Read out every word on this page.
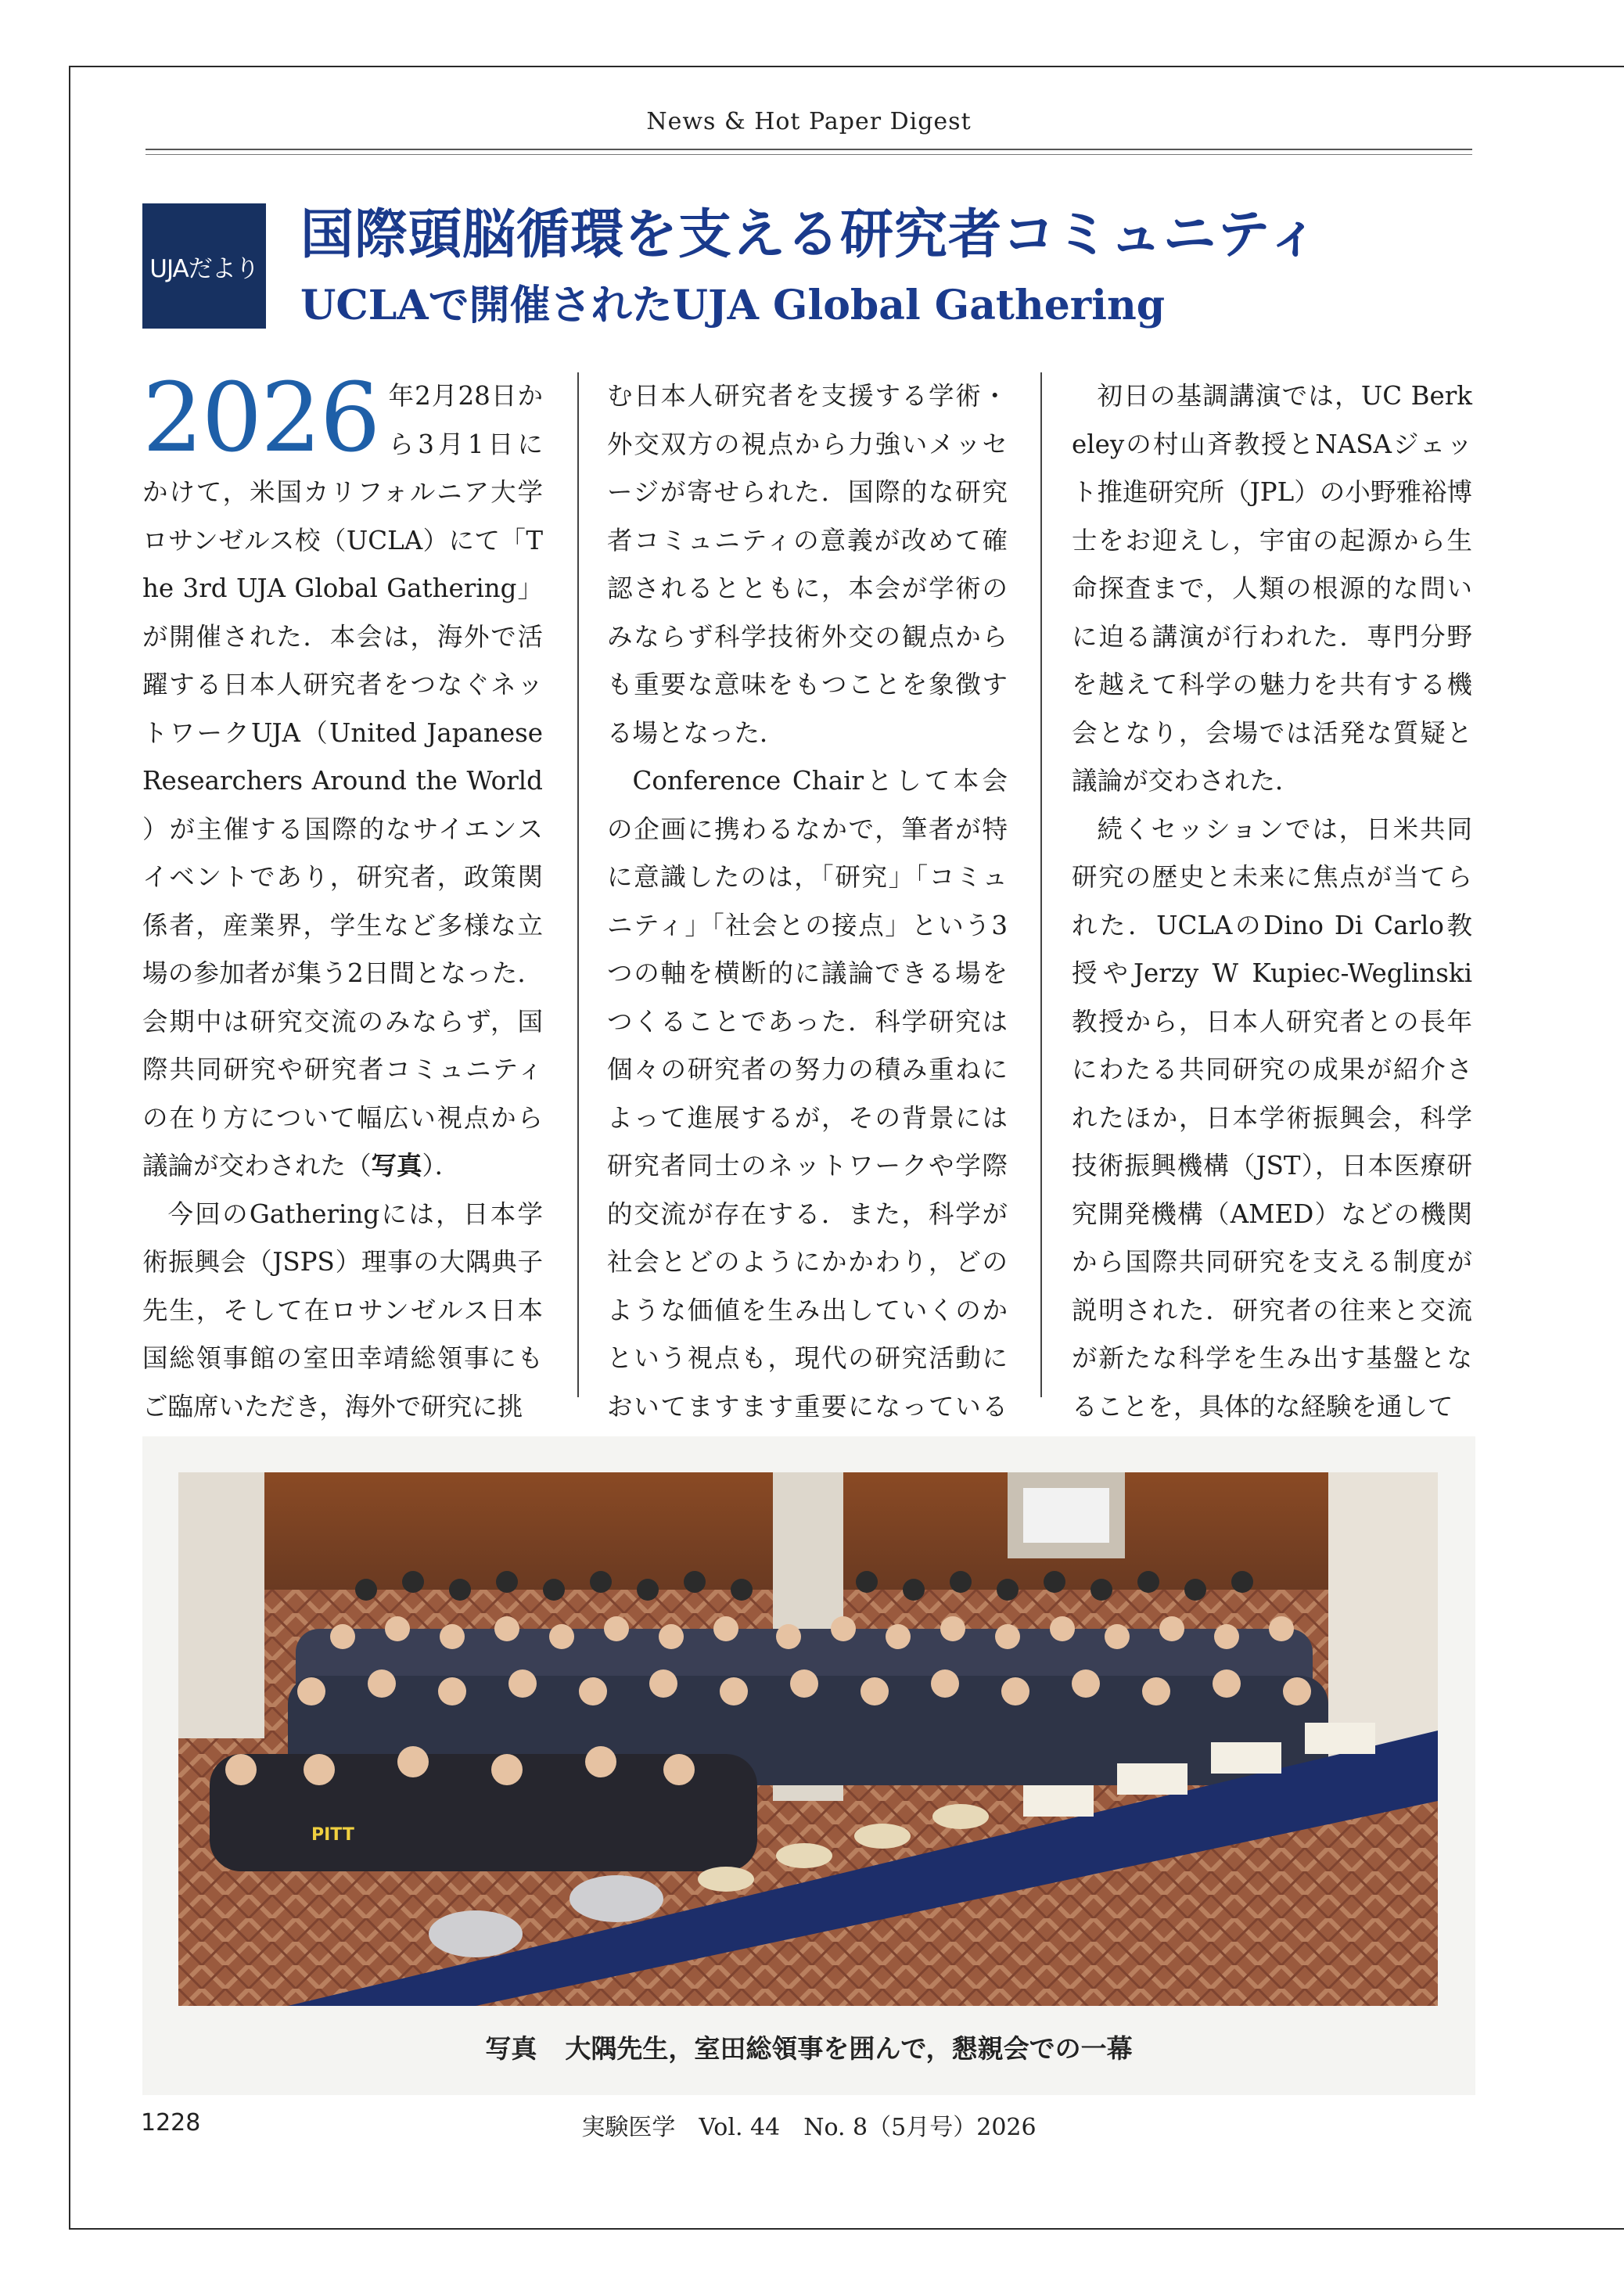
News & Hot Paper Digest
UJAだより
国際頭脳循環を支える研究者コミュニティ
UCLAで開催されたUJA Global Gathering

2026 年2月28日から3月1日にかけて，米国カリフォルニア大学ロサンゼルス校（UCLA）にて「The 3rd UJA Global Gathering」が開催された．本会は，海外で活躍する日本人研究者をつなぐネットワークUJA（United Japanese Researchers Around the World）が主催する国際的なサイエンスイベントであり，研究者，政策関係者，産業界，学生など多様な立場の参加者が集う2日間となった．会期中は研究交流のみならず，国際共同研究や研究者コミュニティの在り方について幅広い視点から議論が交わされた（写真）．

今回のGatheringには，日本学術振興会（JSPS）理事の大隅典子先生，そして在ロサンゼルス日本国総領事館の室田幸靖総領事にもご臨席いただき，海外で研究に挑

む日本人研究者を支援する学術・外交双方の視点から力強いメッセージが寄せられた．国際的な研究者コミュニティの意義が改めて確認されるとともに，本会が学術のみならず科学技術外交の観点からも重要な意味をもつことを象徴する場となった．

Conference Chairとして本会の企画に携わるなかで，筆者が特に意識したのは，「研究」「コミュニティ」「社会との接点」という3つの軸を横断的に議論できる場をつくることであった．科学研究は個々の研究者の努力の積み重ねによって進展するが，その背景には研究者同士のネットワークや学際的交流が存在する．また，科学が社会とどのようにかかわり，どのような価値を生み出していくのかという視点も，現代の研究活動においてますます重要になっている

初日の基調講演では，UC Berkeleyの村山斉教授とNASAジェット推進研究所（JPL）の小野雅裕博士をお迎えし，宇宙の起源から生命探査まで，人類の根源的な問いに迫る講演が行われた．専門分野を越えて科学の魅力を共有する機会となり，会場では活発な質疑と議論が交わされた．

続くセッションでは，日米共同研究の歴史と未来に焦点が当てられた．UCLAのDino Di Carlo教授やJerzy W Kupiec-Weglinski教授から，日本人研究者との長年にわたる共同研究の成果が紹介されたほか，日本学術振興会，科学技術振興機構（JST），日本医療研究開発機構（AMED）などの機関から国際共同研究を支える制度が説明された．研究者の往来と交流が新たな科学を生み出す基盤となることを，具体的な経験を通して

PITT
写真 大隅先生，室田総領事を囲んで，懇親会での一幕
1228	実験医学　Vol. 44　No. 8（5月号）2026
